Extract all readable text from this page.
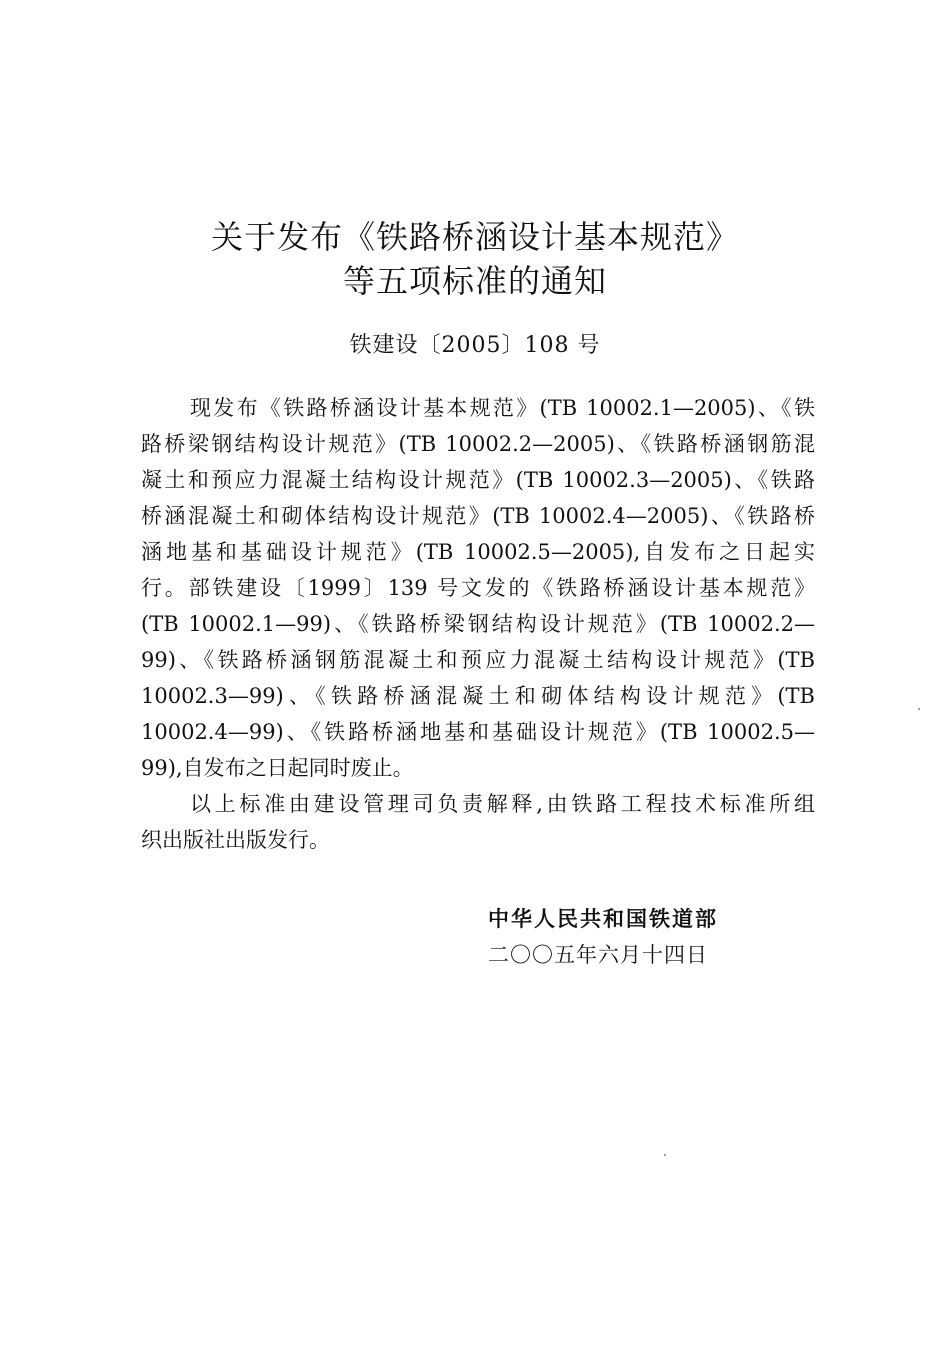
关于发布《铁路桥涵设计基本规范》
等五项标准的通知
铁建设〔2005〕108 号
现发布《铁路桥涵设计基本规范》(TB 10002.1—2005)、《铁
路桥梁钢结构设计规范》(TB 10002.2—2005)、《铁路桥涵钢筋混
凝土和预应力混凝土结构设计规范》(TB 10002.3—2005)、《铁路
桥涵混凝土和砌体结构设计规范》(TB 10002.4—2005)、《铁路桥
涵地基和基础设计规范》(TB 10002.5—2005),自发布之日起实
行。部铁建设〔1999〕139 号文发的《铁路桥涵设计基本规范》
(TB 10002.1—99)、《铁路桥梁钢结构设计规范》(TB 10002.2—
99)、《铁路桥涵钢筋混凝土和预应力混凝土结构设计规范》(TB
10002.3—99)、《铁路桥涵混凝土和砌体结构设计规范》(TB
10002.4—99)、《铁路桥涵地基和基础设计规范》(TB 10002.5—
99),自发布之日起同时废止。
以上标准由建设管理司负责解释,由铁路工程技术标准所组
织出版社出版发行。
中华人民共和国铁道部
二〇〇五年六月十四日
